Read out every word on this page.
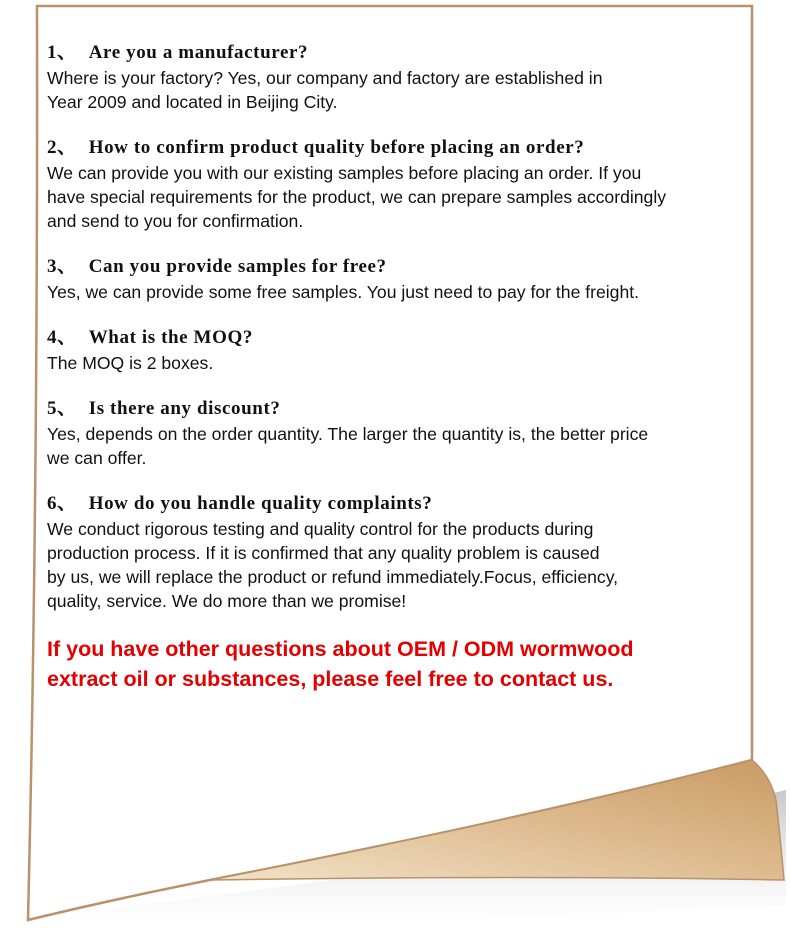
1、 Are you a manufacturer?
Where is your factory? Yes, our company and factory are established in
Year 2009 and located in Beijing City.
2、 How to confirm product quality before placing an order?
We can provide you with our existing samples before placing an order. If you
have special requirements for the product, we can prepare samples accordingly
and send to you for confirmation.
3、 Can you provide samples for free?
Yes, we can provide some free samples. You just need to pay for the freight.
4、 What is the MOQ?
The MOQ is 2 boxes.
5、 Is there any discount?
Yes, depends on the order quantity. The larger the quantity is, the better price
we can offer.
6、 How do you handle quality complaints?
We conduct rigorous testing and quality control for the products during
production process. If it is confirmed that any quality problem is caused
by us, we will replace the product or refund immediately.Focus, efficiency,
quality, service. We do more than we promise!
If you have other questions about OEM / ODM wormwood
extract oil or substances, please feel free to contact us.
